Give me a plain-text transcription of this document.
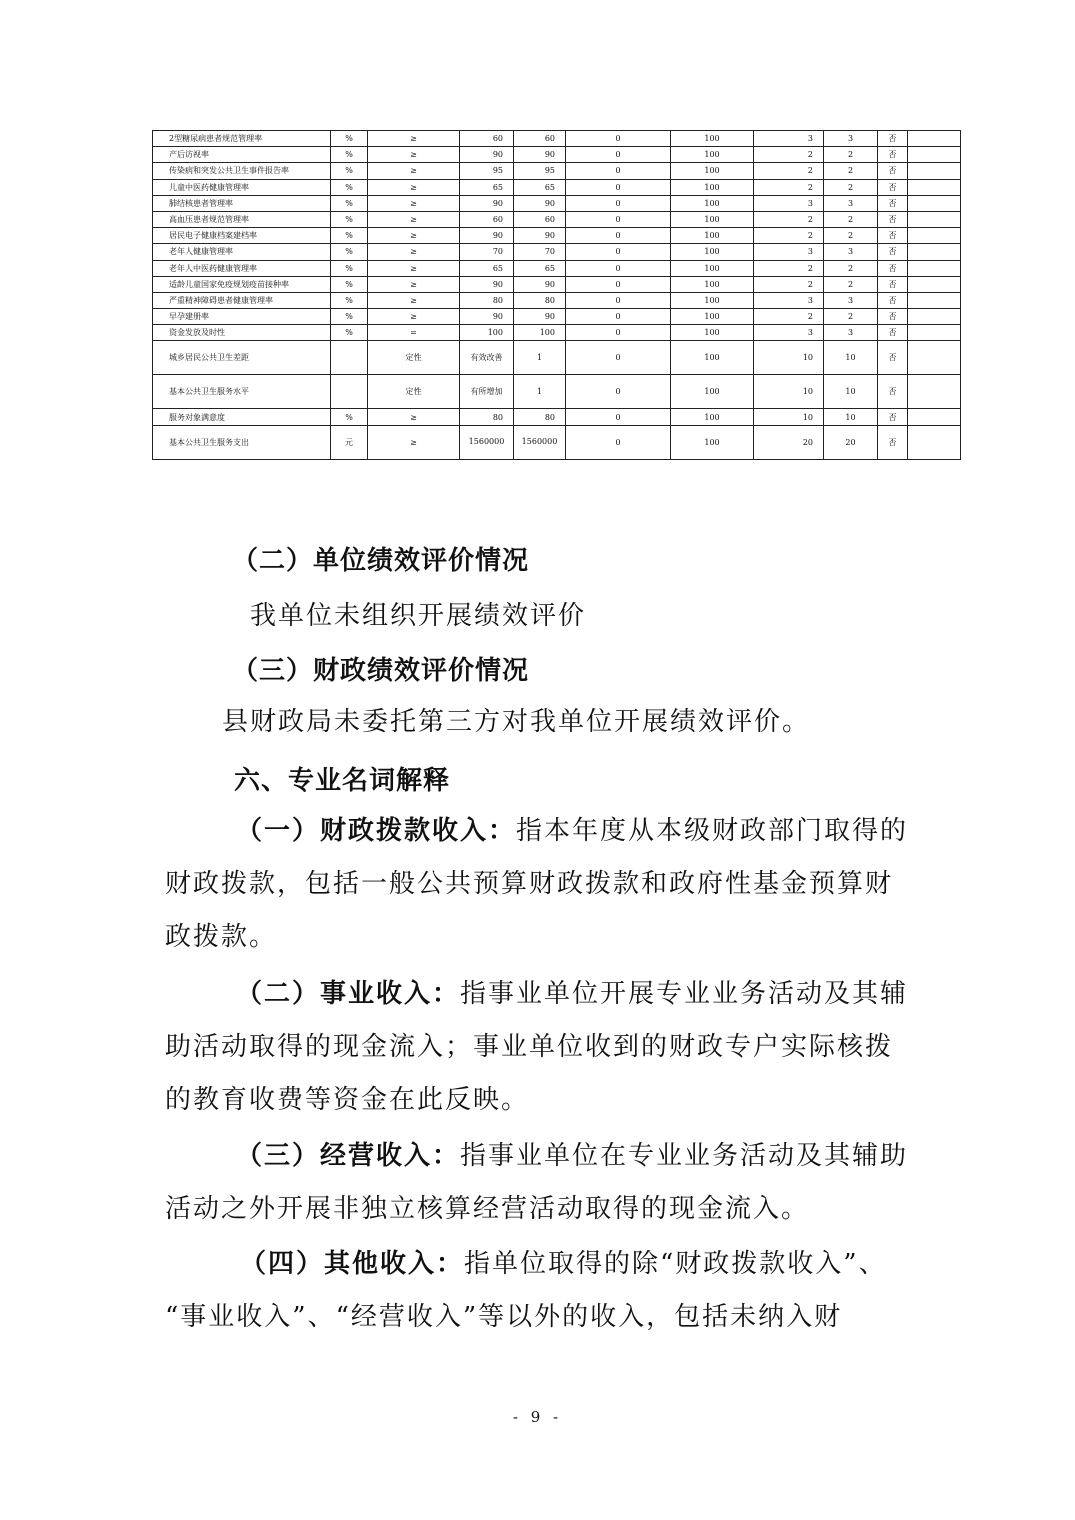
2型糖尿病患者规范管理率	%	≥	60	60	0	100	3	3	否	
产后访视率	%	≥	90	90	0	100	2	2	否	
传染病和突发公共卫生事件报告率	%	≥	95	95	0	100	2	2	否	
儿童中医药健康管理率	%	≥	65	65	0	100	2	2	否	
肺结核患者管理率	%	≥	90	90	0	100	3	3	否	
高血压患者规范管理率	%	≥	60	60	0	100	2	2	否	
居民电子健康档案建档率	%	≥	90	90	0	100	2	2	否	
老年人健康管理率	%	≥	70	70	0	100	3	3	否	
老年人中医药健康管理率	%	≥	65	65	0	100	2	2	否	
适龄儿童国家免疫规划疫苗接种率	%	≥	90	90	0	100	2	2	否	
严重精神障碍患者健康管理率	%	≥	80	80	0	100	3	3	否	
早孕建册率	%	≥	90	90	0	100	2	2	否	
资金发放及时性	%	=	100	100	0	100	3	3	否	
城乡居民公共卫生差距		定性	有效改善	1	0	100	10	10	否	
基本公共卫生服务水平		定性	有所增加	1	0	100	10	10	否	
服务对象满意度	%	≥	80	80	0	100	10	10	否	
基本公共卫生服务支出	元	≥	1560000	1560000	0	100	20	20	否	
（二）单位绩效评价情况
我单位未组织开展绩效评价
（三）财政绩效评价情况
县财政局未委托第三方对我单位开展绩效评价。
六、专业名词解释
（一）财政拨款收入：指本年度从本级财政部门取得的
财政拨款，包括一般公共预算财政拨款和政府性基金预算财
政拨款。
（二）事业收入：指事业单位开展专业业务活动及其辅
助活动取得的现金流入；事业单位收到的财政专户实际核拨
的教育收费等资金在此反映。
（三）经营收入：指事业单位在专业业务活动及其辅助
活动之外开展非独立核算经营活动取得的现金流入。
（四）其他收入：指单位取得的除“财政拨款收入”、
“事业收入”、“经营收入”等以外的收入，包括未纳入财
- 9 -
